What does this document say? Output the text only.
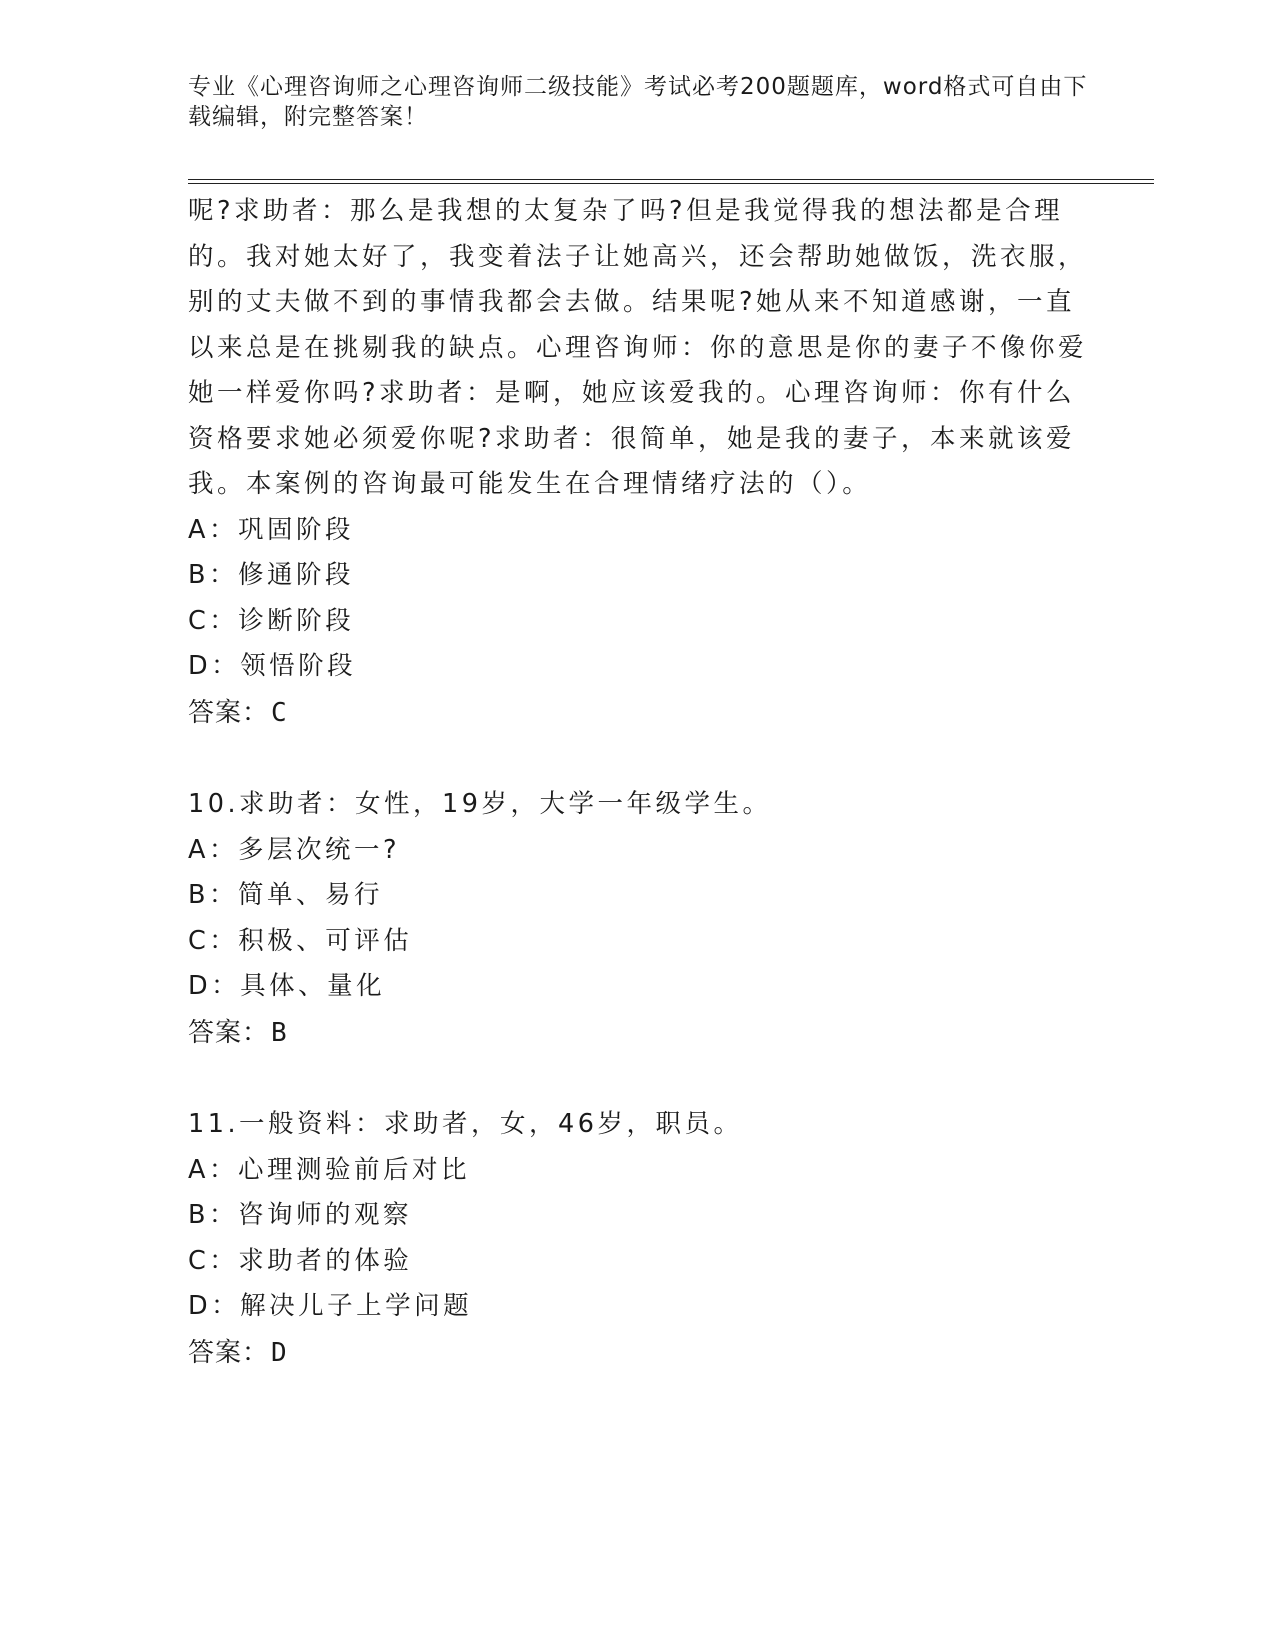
专业《心理咨询师之心理咨询师二级技能》考试必考200题题库，word格式可自由下载编辑，附完整答案！

呢?求助者：那么是我想的太复杂了吗?但是我觉得我的想法都是合理的。我对她太好了，我变着法子让她高兴，还会帮助她做饭，洗衣服，别的丈夫做不到的事情我都会去做。结果呢?她从来不知道感谢，一直以来总是在挑剔我的缺点。心理咨询师：你的意思是你的妻子不像你爱她一样爱你吗?求助者：是啊，她应该爱我的。心理咨询师：你有什么资格要求她必须爱你呢?求助者：很简单，她是我的妻子，本来就该爱我。本案例的咨询最可能发生在合理情绪疗法的（）。

A：巩固阶段
B：修通阶段
C：诊断阶段
D：领悟阶段
答案：C

10.求助者：女性，19岁，大学一年级学生。

A：多层次统一?
B：简单、易行
C：积极、可评估
D：具体、量化
答案：B

11.一般资料：求助者，女，46岁，职员。

A：心理测验前后对比
B：咨询师的观察
C：求助者的体验
D：解决儿子上学问题
答案：D
